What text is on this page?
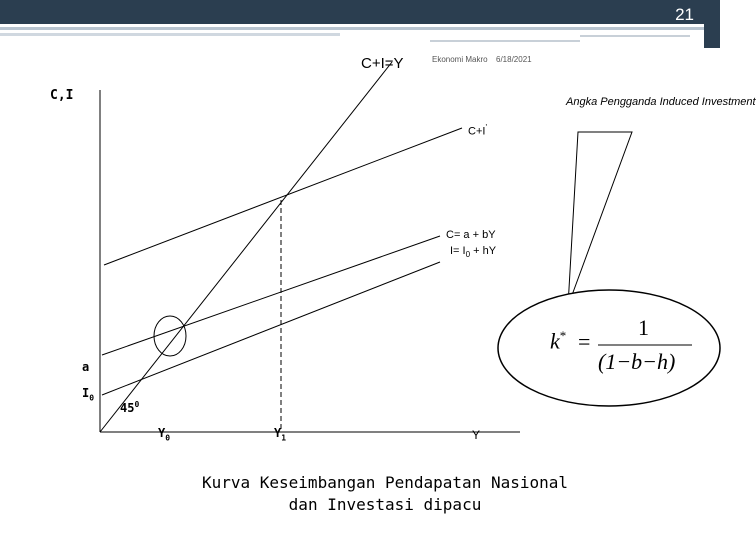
21
C+I=Y	Ekonomi Makro 6/18/2021
C,I	Angka Pengganda Induced Investment
C+I'
C= a + bY
$I= I_0$ + hY
a
$I_0$
$45^0$
$Y_0$	$Y_1$	Y
k* =
1
(1−b−h)
Kurva Keseimbangan Pendapatan Nasional
dan Investasi dipacu
